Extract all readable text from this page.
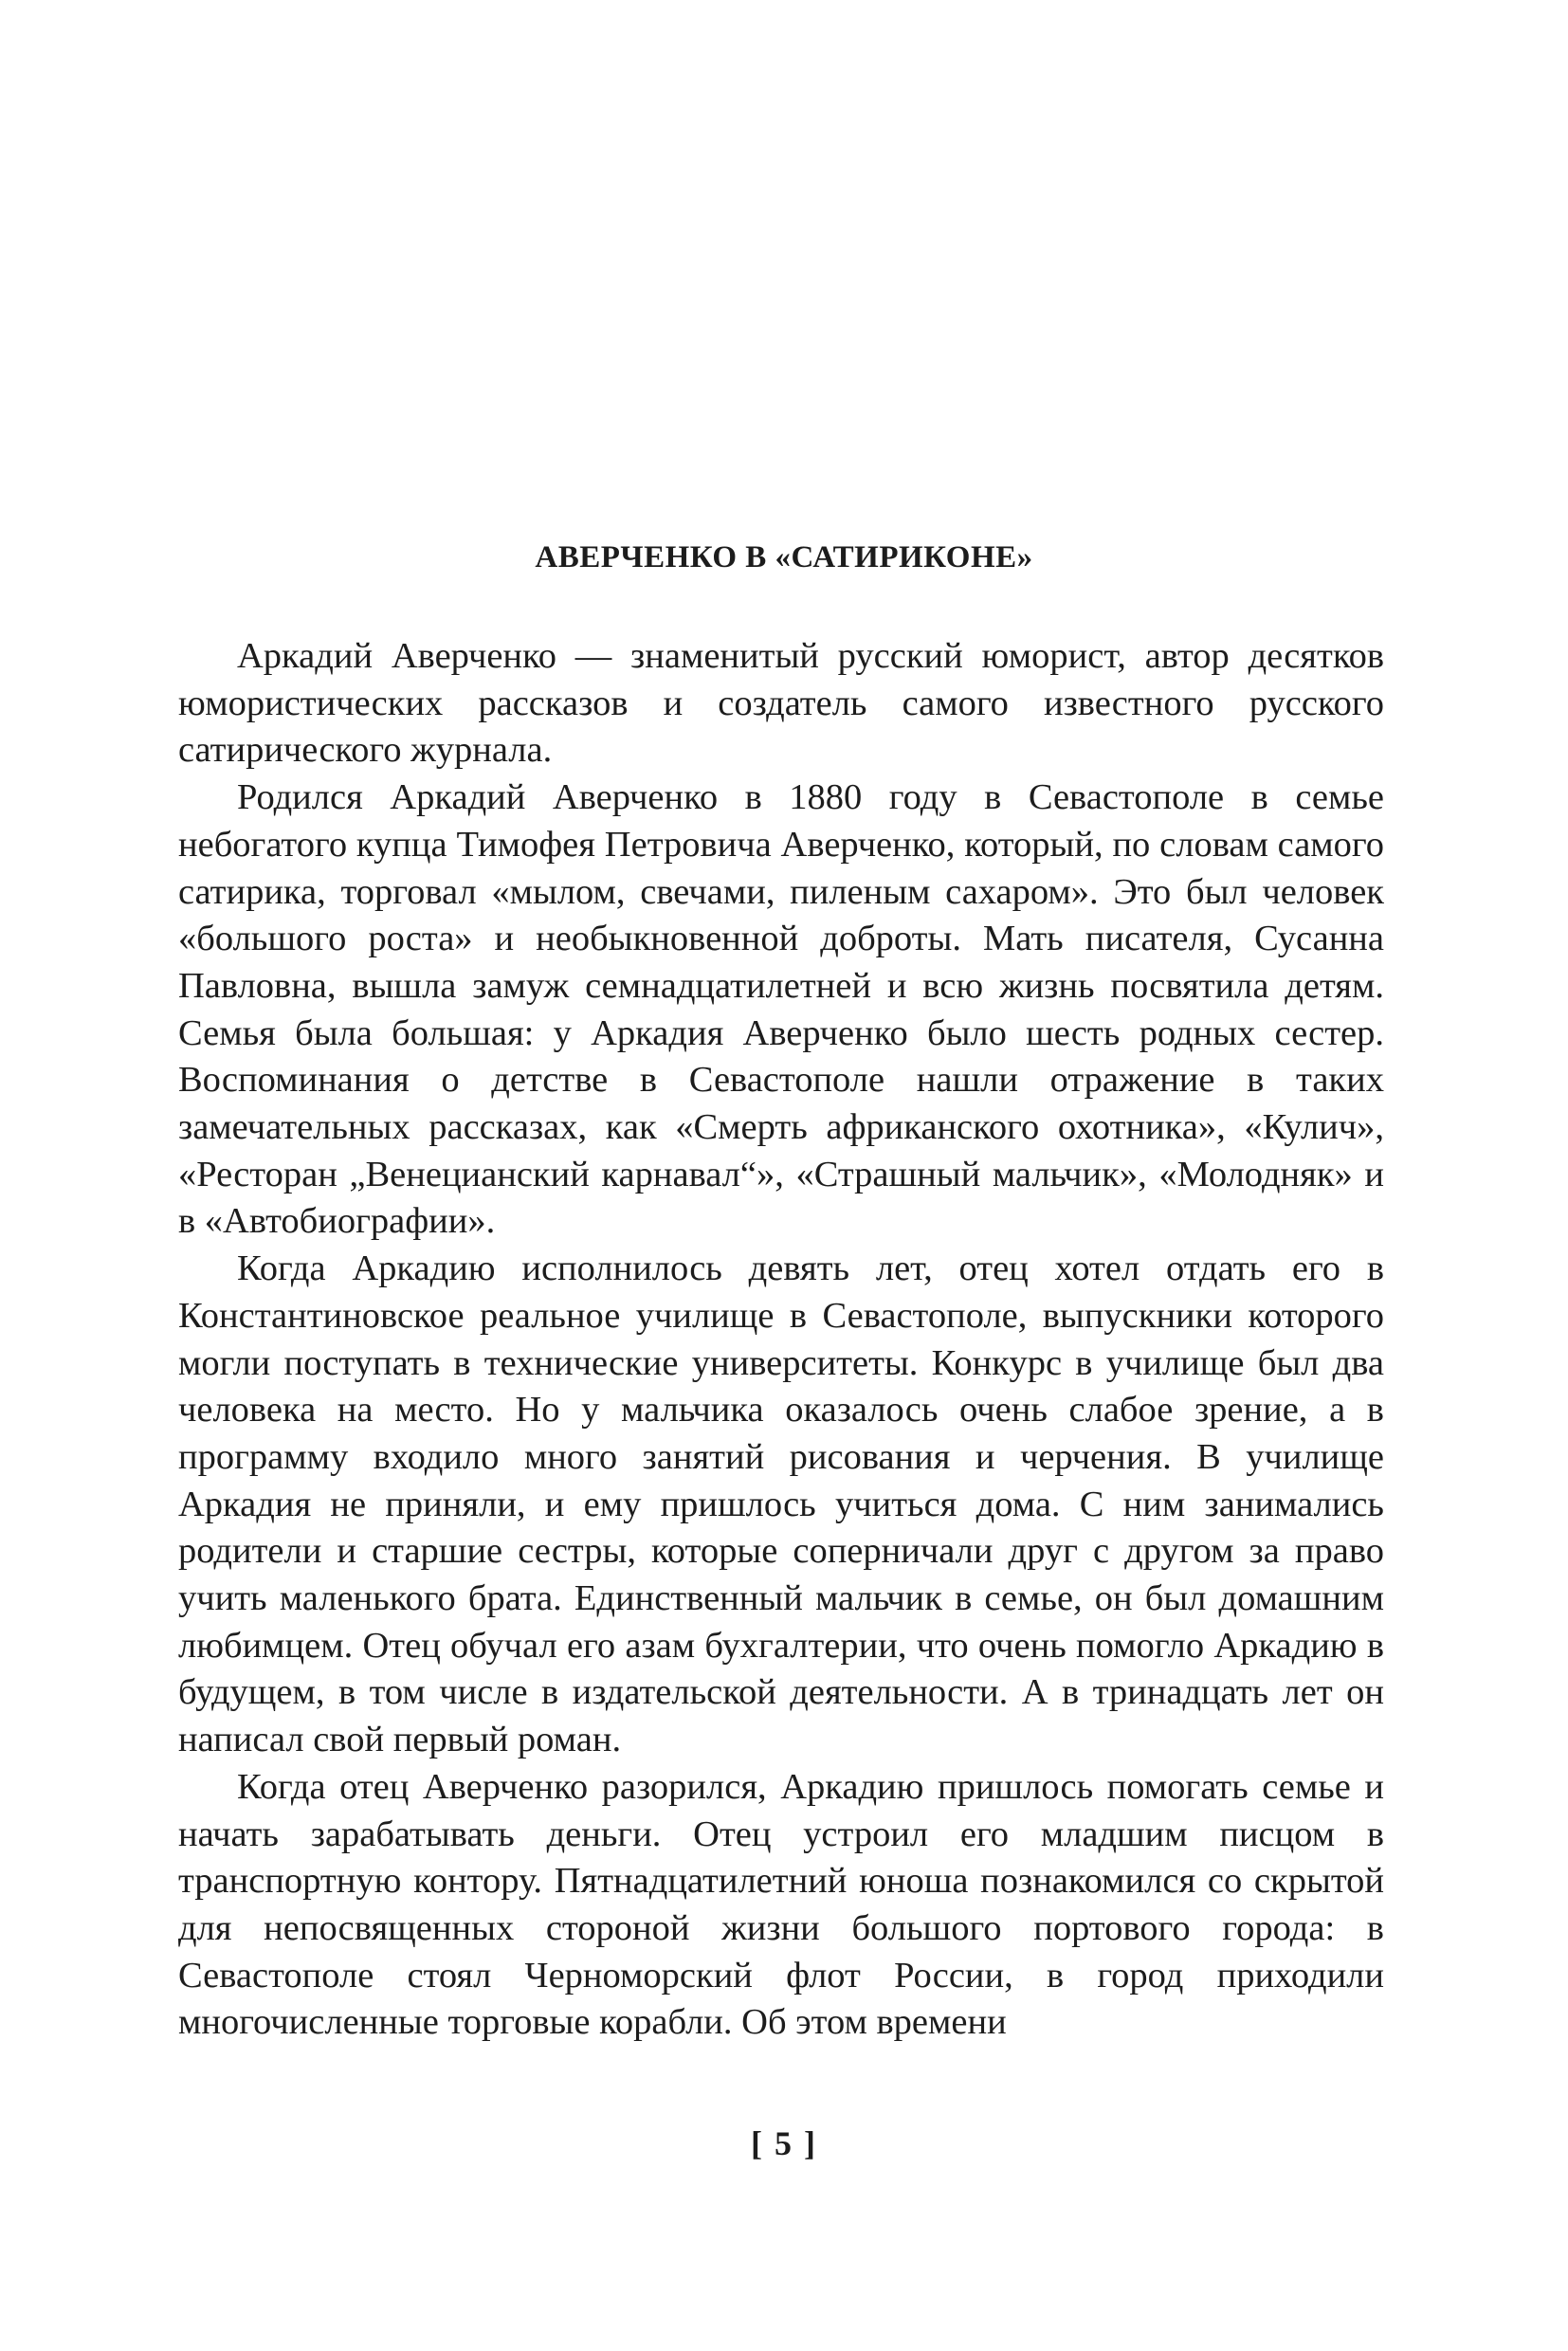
АВЕРЧЕНКО В «САТИРИКОНЕ»

Аркадий Аверченко — знаменитый русский юморист, автор десятков юмористических рассказов и создатель самого известного русского сатирического журнала.

Родился Аркадий Аверченко в 1880 году в Севастополе в семье небогатого купца Тимофея Петровича Аверченко, который, по словам самого сатирика, торговал «мылом, свечами, пиленым сахаром». Это был человек «большого роста» и необыкновенной доброты. Мать писателя, Сусанна Павловна, вышла замуж семнадцатилетней и всю жизнь посвятила детям. Семья была большая: у Аркадия Аверченко было шесть родных сестер. Воспоминания о детстве в Севастополе нашли отражение в таких замечательных рассказах, как «Смерть африканского охотника», «Кулич», «Ресторан „Венецианский карнавал“», «Страшный мальчик», «Молодняк» и в «Автобиографии».

Когда Аркадию исполнилось девять лет, отец хотел отдать его в Константиновское реальное училище в Севастополе, выпускники которого могли поступать в технические университеты. Конкурс в училище был два человека на место. Но у мальчика оказалось очень слабое зрение, а в программу входило много занятий рисования и черчения. В училище Аркадия не приняли, и ему пришлось учиться дома. С ним занимались родители и старшие сестры, которые соперничали друг с другом за право учить маленького брата. Единственный мальчик в семье, он был домашним любимцем. Отец обучал его азам бухгалтерии, что очень помогло Аркадию в будущем, в том числе в издательской деятельности. А в тринадцать лет он написал свой первый роман.

Когда отец Аверченко разорился, Аркадию пришлось помогать семье и начать зарабатывать деньги. Отец устроил его младшим писцом в транспортную контору. Пятнадцатилетний юноша познакомился со скрытой для непосвященных стороной жизни большого портового города: в Севастополе стоял Черноморский флот России, в город приходили многочисленные торговые корабли. Об этом времени

[ 5 ]
